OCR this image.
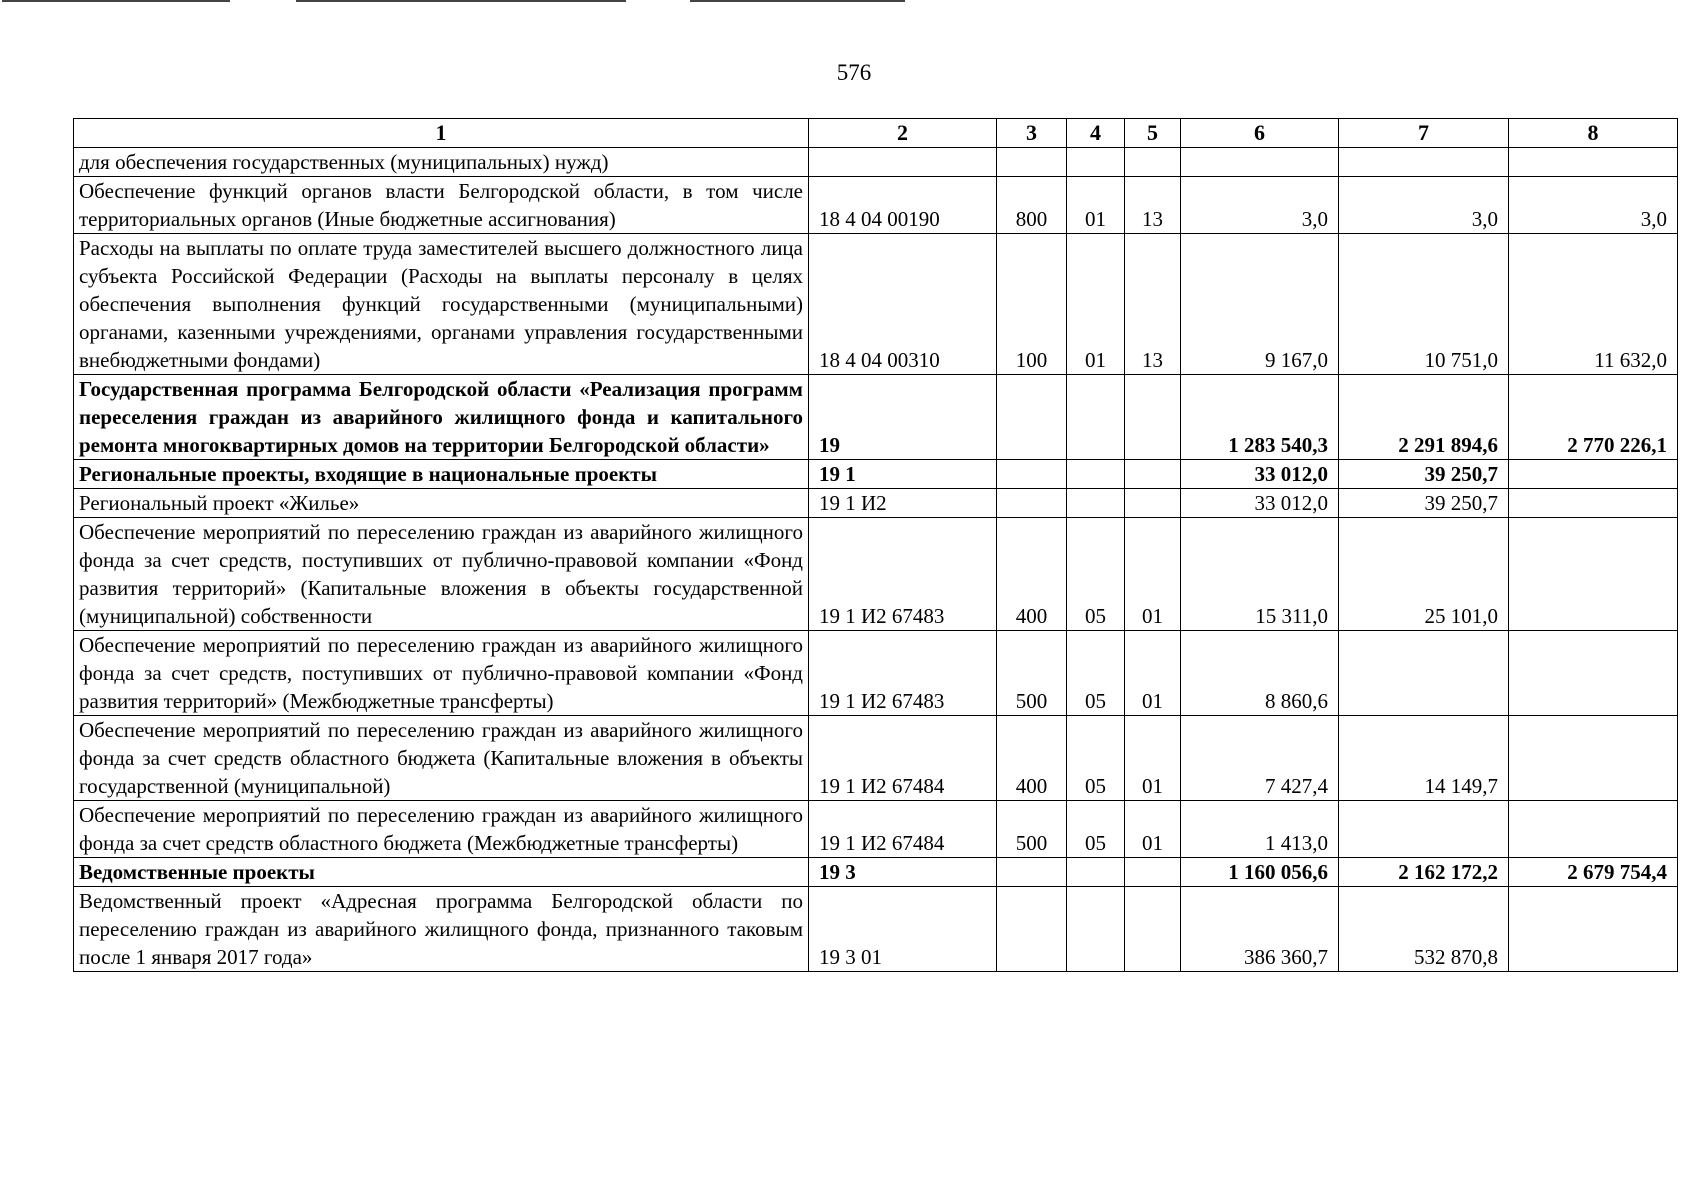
576
1	2	3	4	5	6	7	8
для обеспечения государственных (муниципальных) нужд)							
Обеспечение функций органов власти Белгородской области, в том числе территориальных органов (Иные бюджетные ассигнования)	18 4 04 00190	800	01	13	3,0	3,0	3,0
Расходы на выплаты по оплате труда заместителей высшего должностного лица субъекта Российской Федерации (Расходы на выплаты персоналу в целях обеспечения выполнения функций государственными (муниципальными) органами, казенными учреждениями, органами управления государственными внебюджетными фондами)	18 4 04 00310	100	01	13	9 167,0	10 751,0	11 632,0
Государственная программа Белгородской области «Реализация программ переселения граждан из аварийного жилищного фонда и капитального ремонта многоквартирных домов на территории Белгородской области»	19				1 283 540,3	2 291 894,6	2 770 226,1
Региональные проекты, входящие в национальные проекты	19 1				33 012,0	39 250,7	
Региональный проект «Жилье»	19 1 И2				33 012,0	39 250,7	
Обеспечение мероприятий по переселению граждан из аварийного жилищного фонда за счет средств, поступивших от публично-правовой компании «Фонд развития территорий» (Капитальные вложения в объекты государственной (муниципальной) собственности	19 1 И2 67483	400	05	01	15 311,0	25 101,0	
Обеспечение мероприятий по переселению граждан из аварийного жилищного фонда за счет средств, поступивших от публично-правовой компании «Фонд развития территорий» (Межбюджетные трансферты)	19 1 И2 67483	500	05	01	8 860,6		
Обеспечение мероприятий по переселению граждан из аварийного жилищного фонда за счет средств областного бюджета (Капитальные вложения в объекты государственной (муниципальной)	19 1 И2 67484	400	05	01	7 427,4	14 149,7	
Обеспечение мероприятий по переселению граждан из аварийного жилищного фонда за счет средств областного бюджета (Межбюджетные трансферты)	19 1 И2 67484	500	05	01	1 413,0		
Ведомственные проекты	19 3				1 160 056,6	2 162 172,2	2 679 754,4
Ведомственный проект «Адресная программа Белгородской области по переселению граждан из аварийного жилищного фонда, признанного таковым после 1 января 2017 года»	19 3 01				386 360,7	532 870,8	
